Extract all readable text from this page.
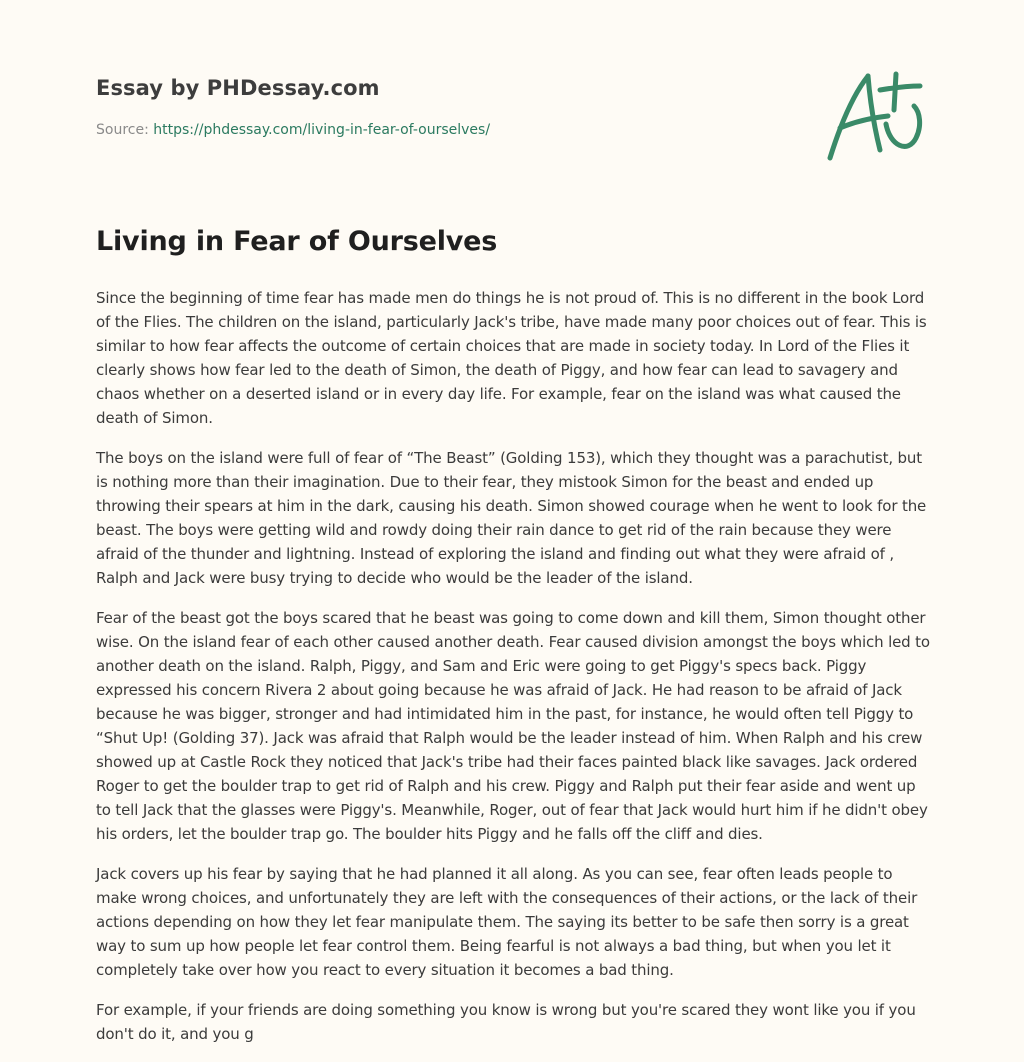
Essay by PHDessay.com
Source: https://phdessay.com/living-in-fear-of-ourselves/
Living in Fear of Ourselves

Since the beginning of time fear has made men do things he is not proud of. This is no different in the book Lord of the Flies. The children on the island, particularly Jack's tribe, have made many poor choices out of fear. This is similar to how fear affects the outcome of certain choices that are made in society today. In Lord of the Flies it clearly shows how fear led to the death of Simon, the death of Piggy, and how fear can lead to savagery and chaos whether on a deserted island or in every day life. For example, fear on the island was what caused the death of Simon.

The boys on the island were full of fear of “The Beast” (Golding 153), which they thought was a parachutist, but is nothing more than their imagination. Due to their fear, they mistook Simon for the beast and ended up throwing their spears at him in the dark, causing his death. Simon showed courage when he went to look for the beast. The boys were getting wild and rowdy doing their rain dance to get rid of the rain because they were afraid of the thunder and lightning. Instead of exploring the island and finding out what they were afraid of , Ralph and Jack were busy trying to decide who would be the leader of the island.

Fear of the beast got the boys scared that he beast was going to come down and kill them, Simon thought other wise. On the island fear of each other caused another death. Fear caused division amongst the boys which led to another death on the island. Ralph, Piggy, and Sam and Eric were going to get Piggy's specs back. Piggy expressed his concern Rivera 2 about going because he was afraid of Jack. He had reason to be afraid of Jack because he was bigger, stronger and had intimidated him in the past, for instance, he would often tell Piggy to “Shut Up! (Golding 37). Jack was afraid that Ralph would be the leader instead of him. When Ralph and his crew showed up at Castle Rock they noticed that Jack's tribe had their faces painted black like savages. Jack ordered Roger to get the boulder trap to get rid of Ralph and his crew. Piggy and Ralph put their fear aside and went up to tell Jack that the glasses were Piggy's. Meanwhile, Roger, out of fear that Jack would hurt him if he didn't obey his orders, let the boulder trap go. The boulder hits Piggy and he falls off the cliff and dies.

Jack covers up his fear by saying that he had planned it all along. As you can see, fear often leads people to make wrong choices, and unfortunately they are left with the consequences of their actions, or the lack of their actions depending on how they let fear manipulate them. The saying its better to be safe then sorry is a great way to sum up how people let fear control them. Being fearful is not always a bad thing, but when you let it completely take over how you react to every situation it becomes a bad thing.

For example, if your friends are doing something you know is wrong but you're scared they wont like you if you don't do it, and you g
